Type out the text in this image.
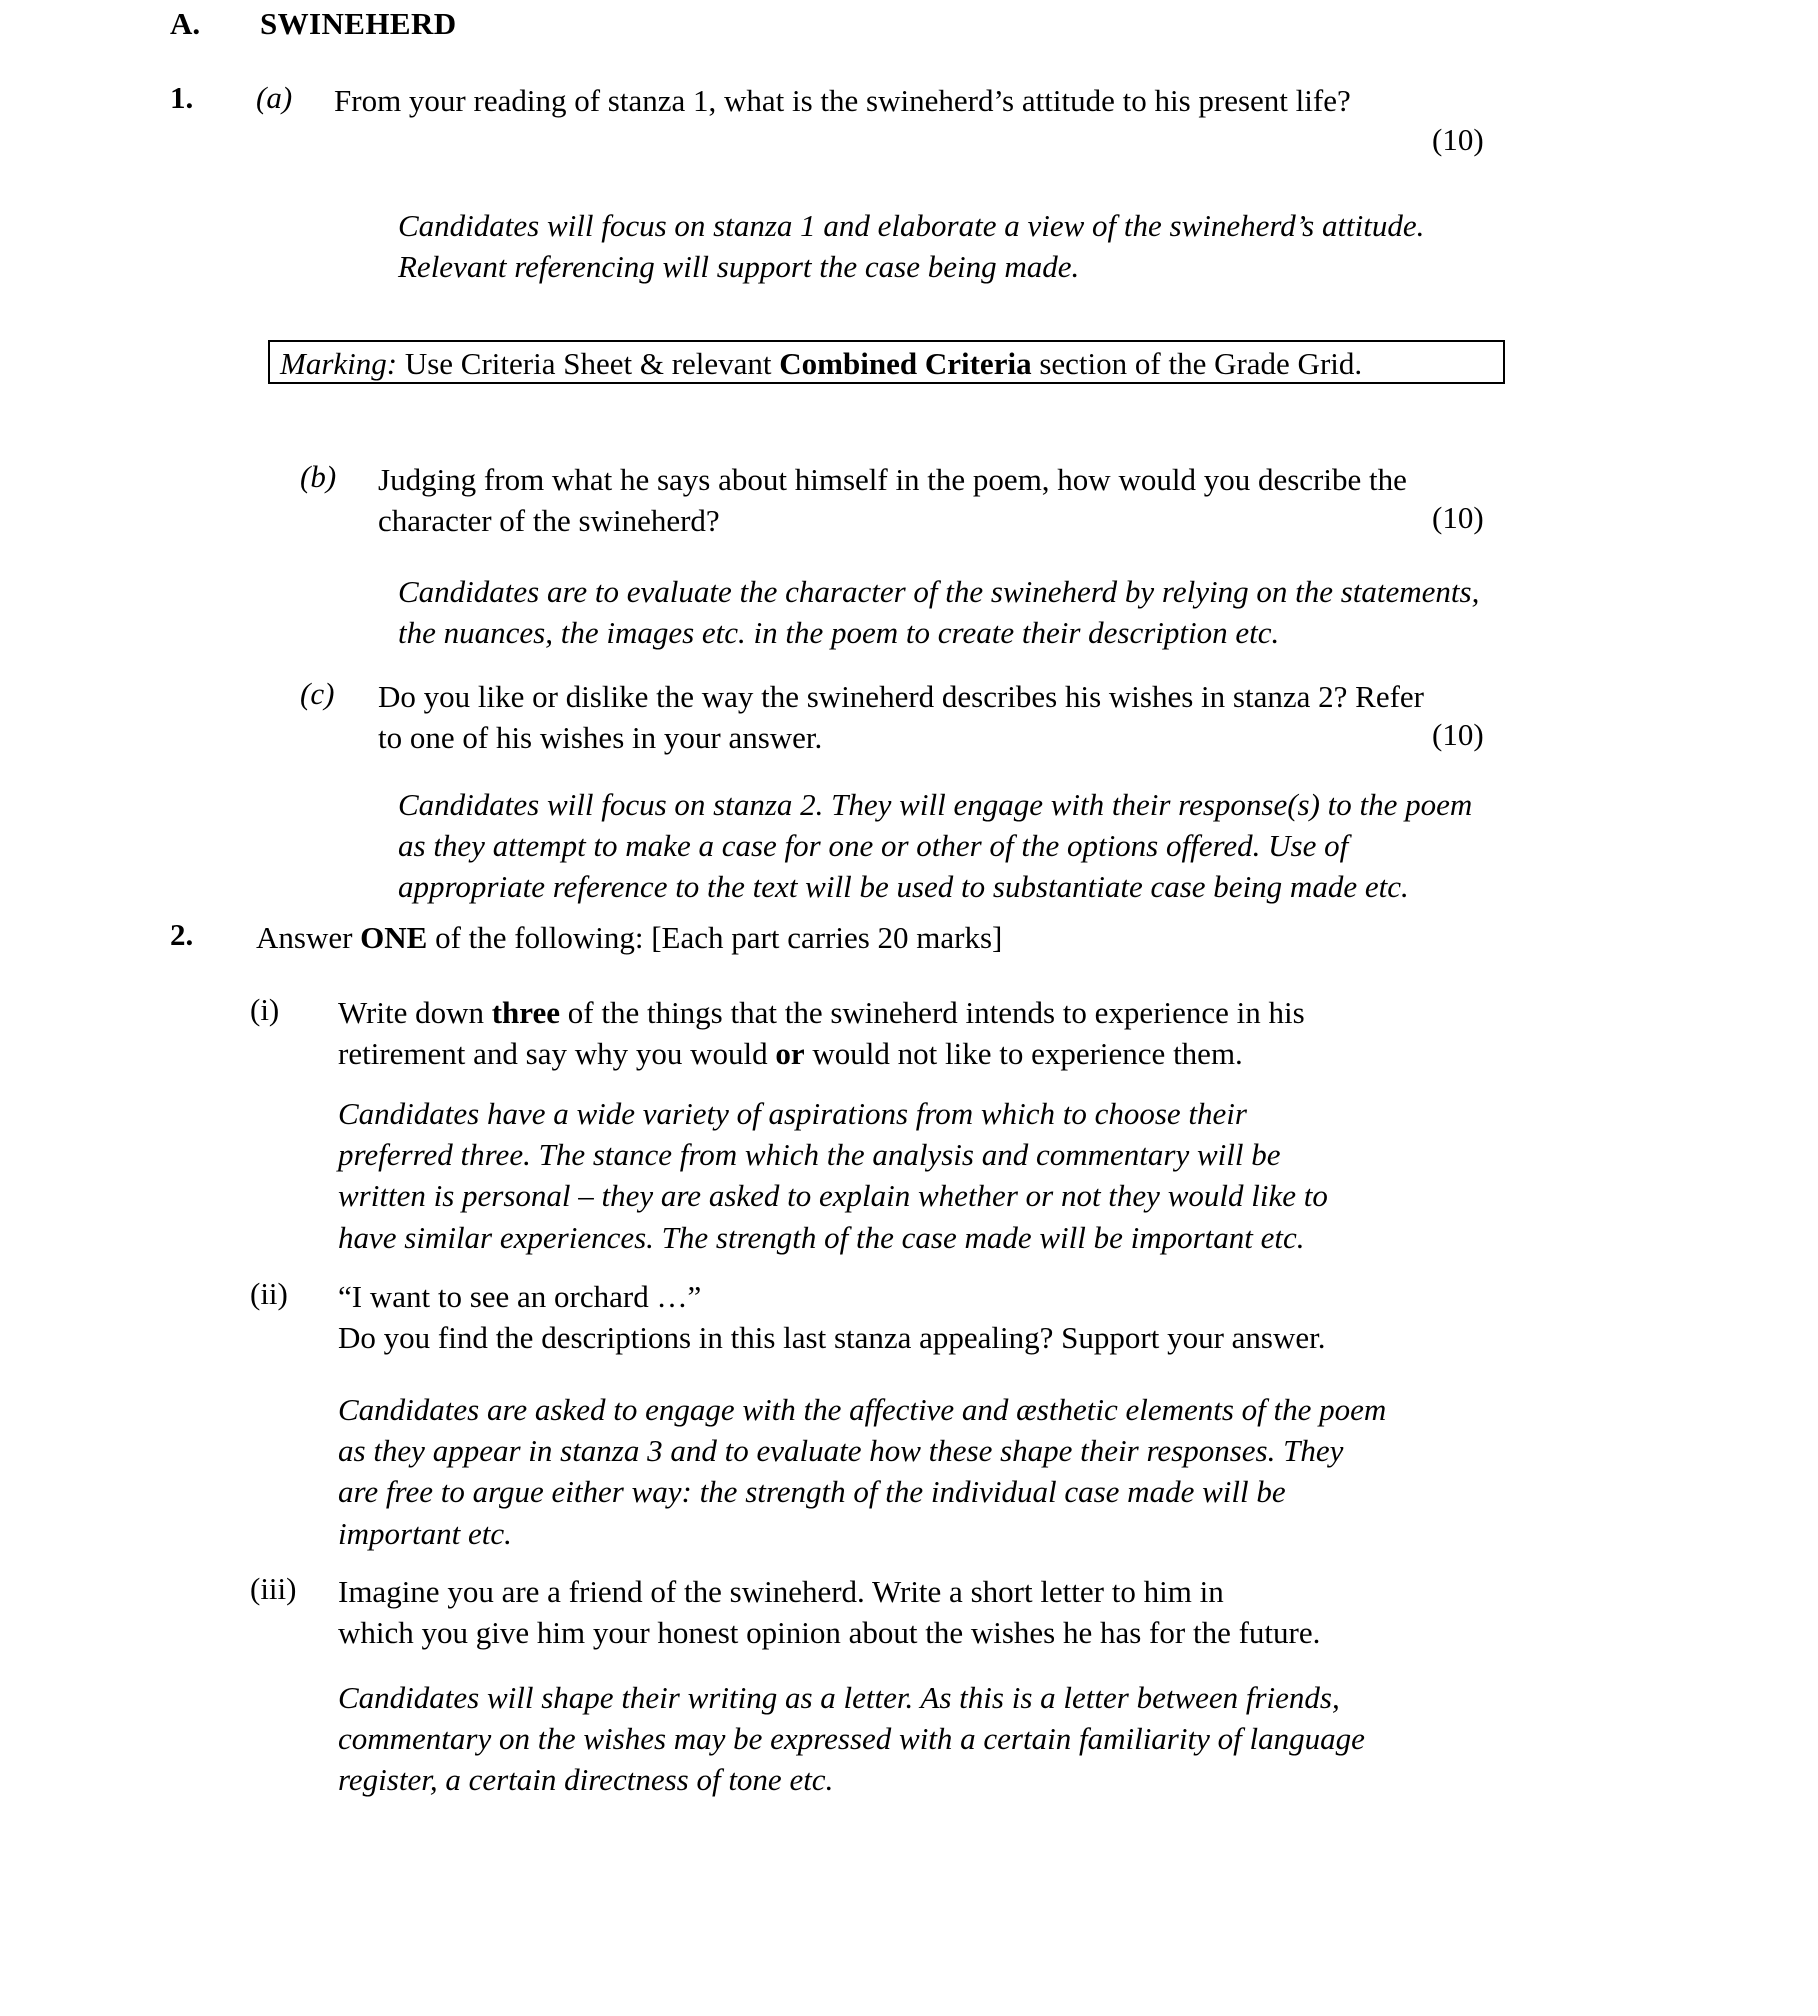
A.	SWINEHERD
1.	(a)	From your reading of stanza 1, what is the swineherd’s attitude to his present life?
(10)
Candidates will focus on stanza 1 and elaborate a view of the swineherd’s attitude. Relevant referencing will support the case being made.
Marking: Use Criteria Sheet & relevant Combined Criteria section of the Grade Grid.
(b)	Judging from what he says about himself in the poem, how would you describe the character of the swineherd?	(10)
Candidates are to evaluate the character of the swineherd by relying on the statements, the nuances, the images etc. in the poem to create their description etc.
(c)	Do you like or dislike the way the swineherd describes his wishes in stanza 2? Refer to one of his wishes in your answer.	(10)
Candidates will focus on stanza 2. They will engage with their response(s) to the poem as they attempt to make a case for one or other of the options offered. Use of appropriate reference to the text will be used to substantiate case being made etc.
2.	Answer ONE of the following: [Each part carries 20 marks]
(i)	Write down three of the things that the swineherd intends to experience in his
retirement and say why you would or would not like to experience them.
Candidates have a wide variety of aspirations from which to choose their preferred three. The stance from which the analysis and commentary will be written is personal – they are asked to explain whether or not they would like to have similar experiences. The strength of the case made will be important etc.
(ii)	“I want to see an orchard …”
Do you find the descriptions in this last stanza appealing? Support your answer.
Candidates are asked to engage with the affective and æsthetic elements of the poem as they appear in stanza 3 and to evaluate how these shape their responses. They are free to argue either way: the strength of the individual case made will be important etc.
(iii)	Imagine you are a friend of the swineherd. Write a short letter to him in
which you give him your honest opinion about the wishes he has for the future.
Candidates will shape their writing as a letter. As this is a letter between friends, commentary on the wishes may be expressed with a certain familiarity of language register, a certain directness of tone etc.
